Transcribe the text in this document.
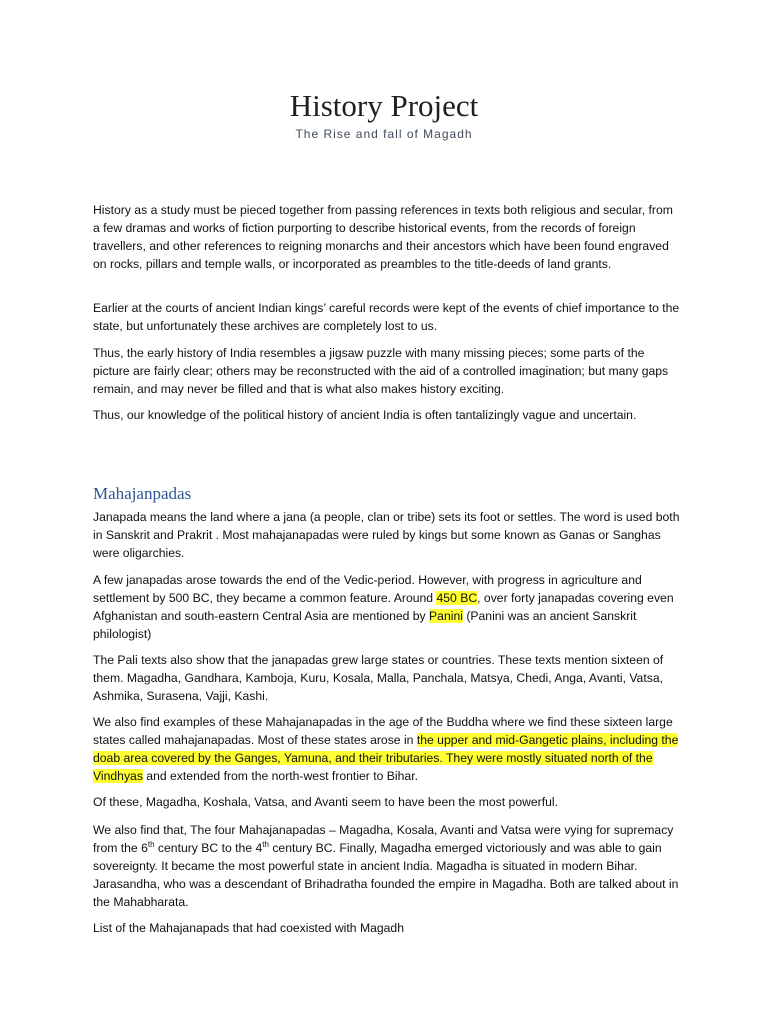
History Project
The Rise and fall of Magadh

History as a study must be pieced together from passing references in texts both religious and secular, from a few dramas and works of fiction purporting to describe historical events, from the records of foreign travellers, and other references to reigning monarchs and their ancestors which have been found engraved on rocks, pillars and temple walls, or incorporated as preambles to the title-deeds of land grants.

Earlier at the courts of ancient Indian kings’ careful records were kept of the events of chief importance to the state, but unfortunately these archives are completely lost to us.

Thus, the early history of India resembles a jigsaw puzzle with many missing pieces; some parts of the picture are fairly clear; others may be reconstructed with the aid of a controlled imagination; but many gaps remain, and may never be filled and that is what also makes history exciting.

Thus, our knowledge of the political history of ancient India is often tantalizingly vague and uncertain.

Mahajanpadas

Janapada means the land where a jana (a people, clan or tribe) sets its foot or settles. The word is used both in Sanskrit and Prakrit . Most mahajanapadas were ruled by kings but some known as Ganas or Sanghas were oligarchies.

A few janapadas arose towards the end of the Vedic-period. However, with progress in agriculture and settlement by 500 BC, they became a common feature. Around 450 BC, over forty janapadas covering even Afghanistan and south-eastern Central Asia are mentioned by Panini (Panini was an ancient Sanskrit philologist)

The Pali texts also show that the janapadas grew large states or countries. These texts mention sixteen of them. Magadha, Gandhara, Kamboja, Kuru, Kosala, Malla, Panchala, Matsya, Chedi, Anga, Avanti, Vatsa, Ashmika, Surasena, Vajji, Kashi.

We also find examples of these Mahajanapadas in the age of the Buddha where we find these sixteen large states called mahajanapadas. Most of these states arose in the upper and mid-Gangetic plains, including the doab area covered by the Ganges, Yamuna, and their tributaries. They were mostly situated north of the Vindhyas and extended from the north-west frontier to Bihar.

Of these, Magadha, Koshala, Vatsa, and Avanti seem to have been the most powerful.

We also find that, The four Mahajanapadas – Magadha, Kosala, Avanti and Vatsa were vying for supremacy from the 6th century BC to the 4th century BC. Finally, Magadha emerged victoriously and was able to gain sovereignty. It became the most powerful state in ancient India. Magadha is situated in modern Bihar. Jarasandha, who was a descendant of Brihadratha founded the empire in Magadha. Both are talked about in the Mahabharata.

List of the Mahajanapads that had coexisted with Magadh
